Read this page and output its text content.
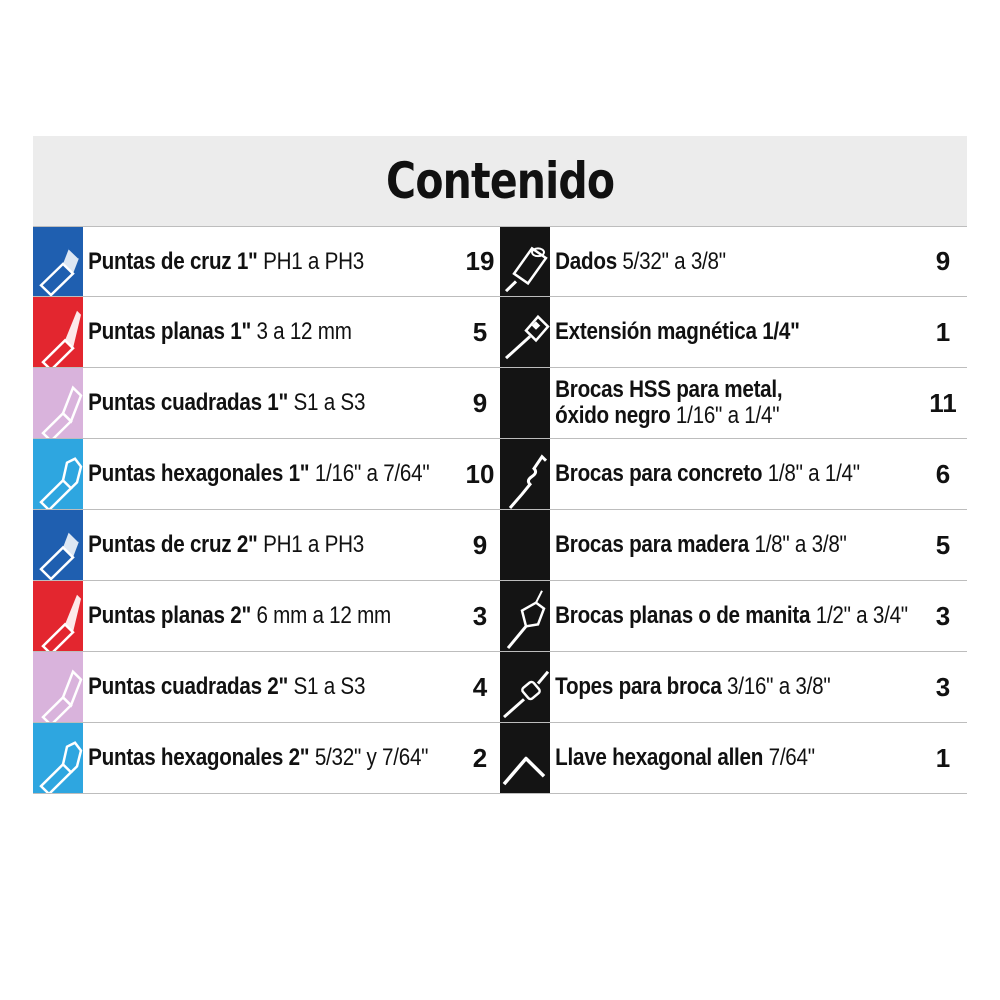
Contenido
Puntas de cruz 1" PH1 a PH3	19
Puntas planas 1" 3 a 12 mm	5
Puntas cuadradas 1" S1 a S3	9
Puntas hexagonales 1" 1/16" a 7/64"	10
Puntas de cruz 2" PH1 a PH3	9
Puntas planas 2" 6 mm a 12 mm	3
Puntas cuadradas 2" S1 a S3	4
Puntas hexagonales 2" 5/32" y 7/64"	2
Dados 5/32" a 3/8"	9
Extensión magnética 1/4"	1
Brocas HSS para metal,
óxido negro 1/16" a 1/4"	11
Brocas para concreto 1/8" a 1/4"	6
Brocas para madera 1/8" a 3/8"	5
Brocas planas o de manita 1/2" a 3/4"	3
Topes para broca 3/16" a 3/8"	3
Llave hexagonal allen 7/64"	1
